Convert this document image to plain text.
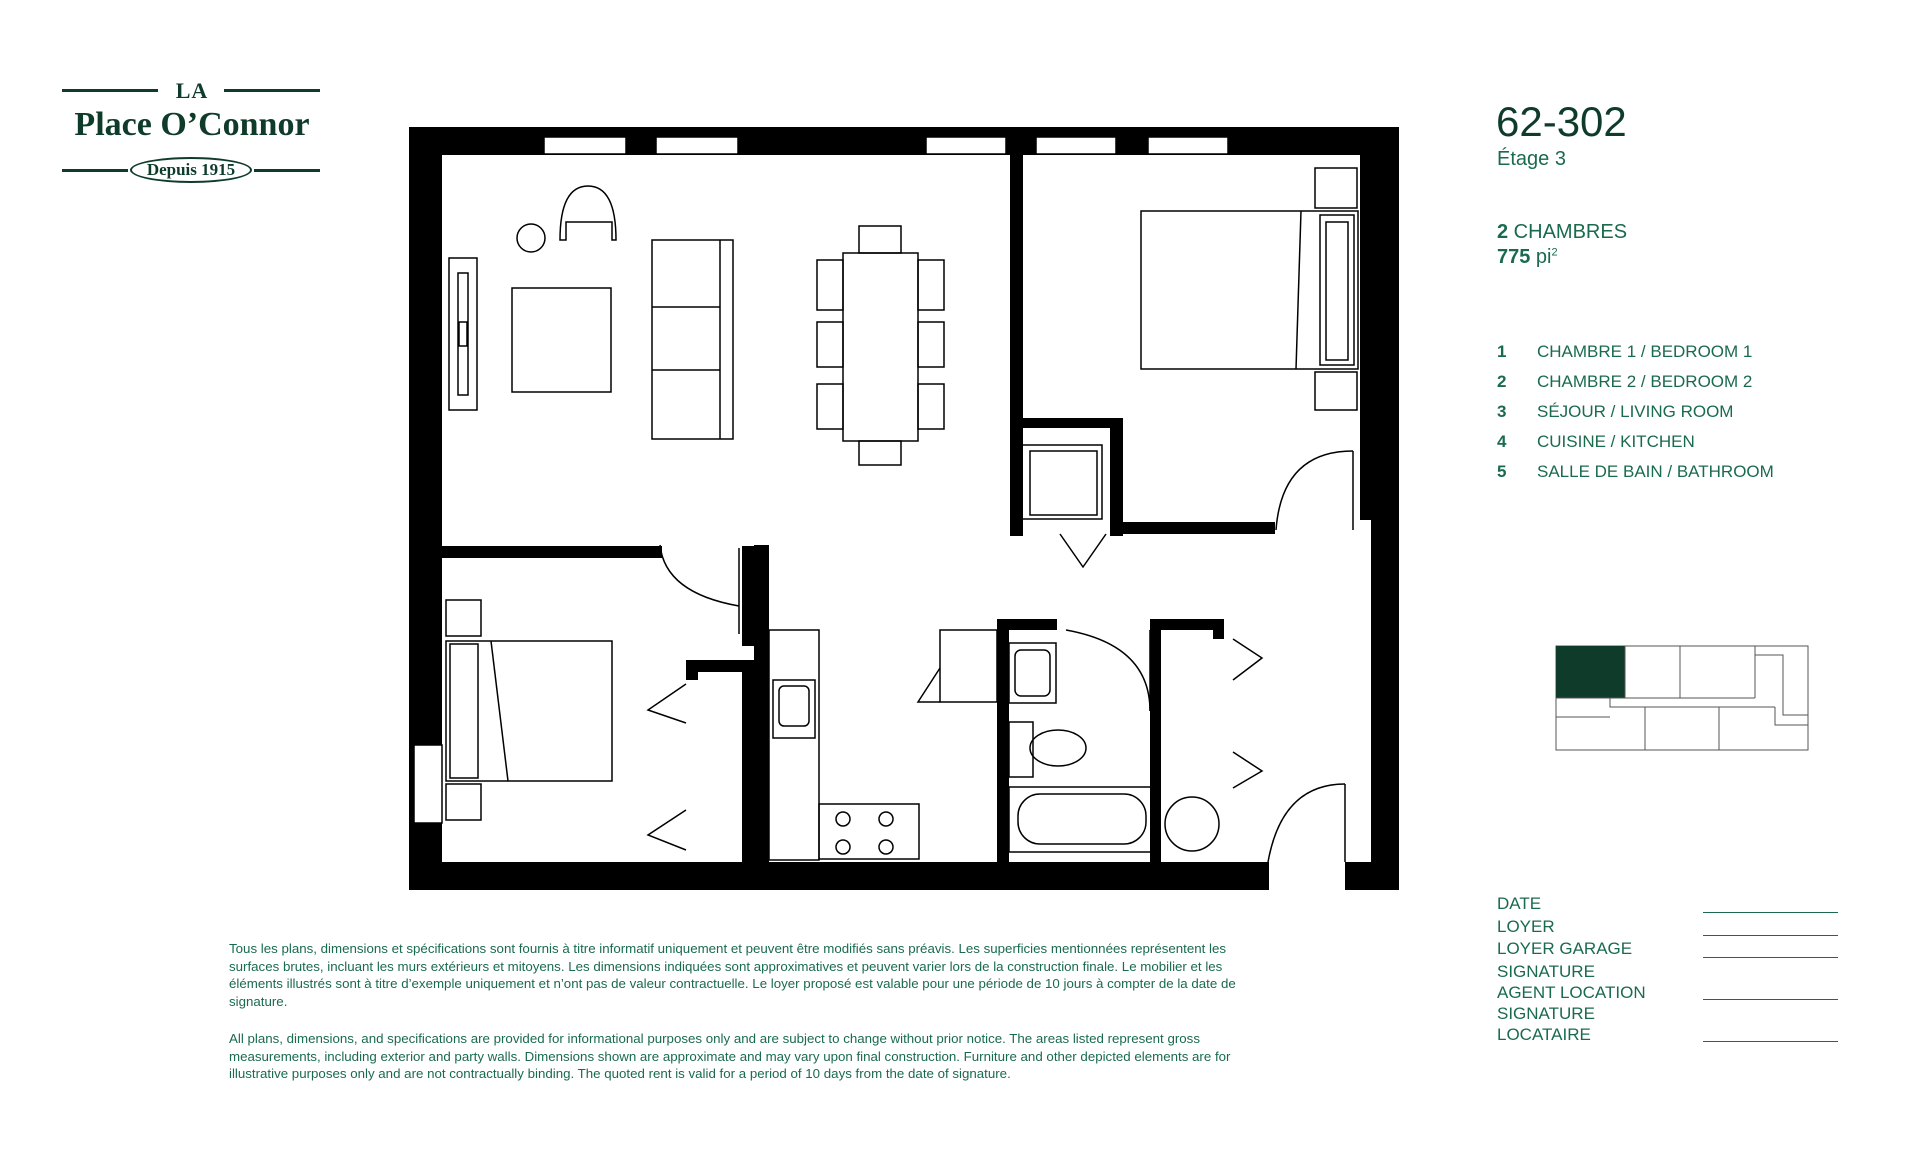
LA
Place O’Connor
Depuis 1915
62-302
Étage 3
2 CHAMBRES
775 $pi^2$
1	CHAMBRE 1 / BEDROOM 1
2	CHAMBRE 2 / BEDROOM 2
3	SÉJOUR / LIVING ROOM
4	CUISINE / KITCHEN
5	SALLE DE BAIN / BATHROOM
DATE
LOYER
LOYER GARAGE
SIGNATURE
AGENT LOCATION
SIGNATURE
LOCATAIRE
Tous les plans, dimensions et spécifications sont fournis à titre informatif uniquement et peuvent être modifiés sans préavis. Les superficies mentionnées représentent les surfaces brutes, incluant les murs extérieurs et mitoyens. Les dimensions indiquées sont approximatives et peuvent varier lors de la construction finale. Le mobilier et les éléments illustrés sont à titre d’exemple uniquement et n’ont pas de valeur contractuelle. Le loyer proposé est valable pour une période de 10 jours à compter de la date de signature.
All plans, dimensions, and specifications are provided for informational purposes only and are subject to change without prior notice. The areas listed represent gross measurements, including exterior and party walls. Dimensions shown are approximate and may vary upon final construction. Furniture and other depicted elements are for illustrative purposes only and are not contractually binding. The quoted rent is valid for a period of 10 days from the date of signature.
